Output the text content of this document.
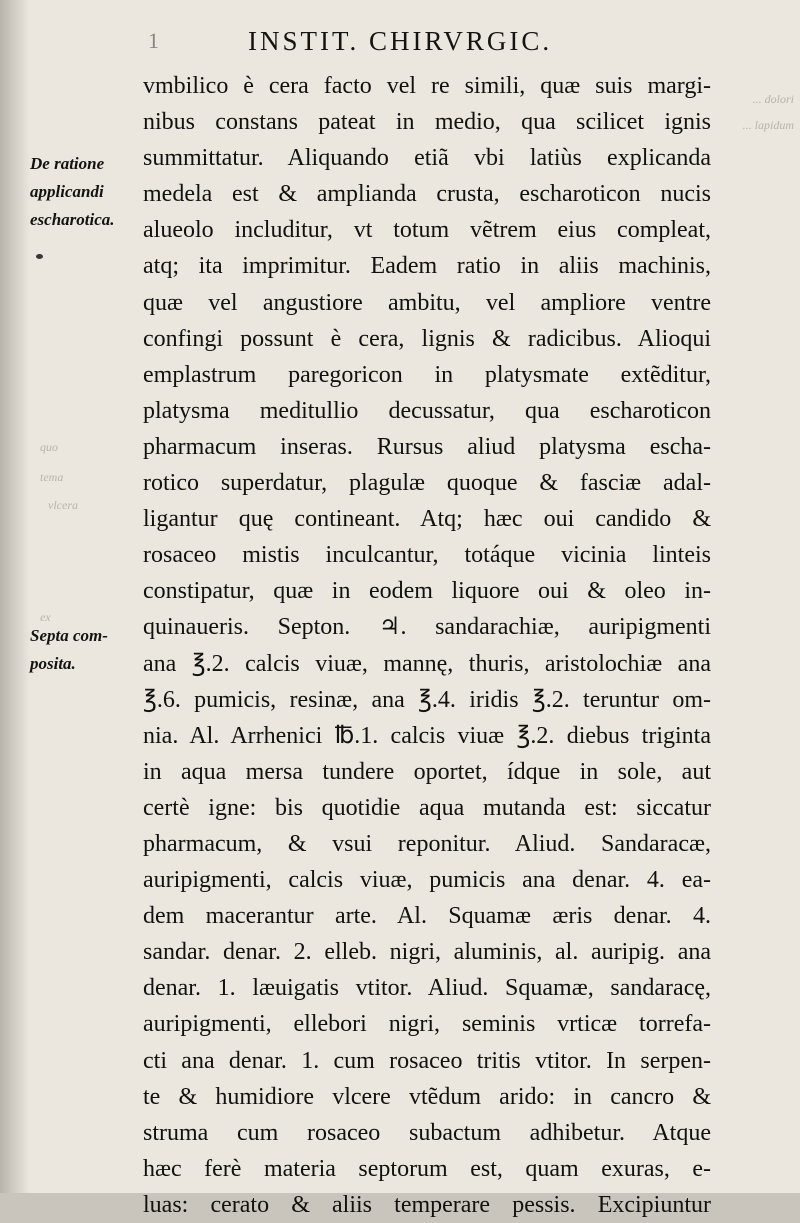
quo
tema
vlcera
ex
... dolori
... lapidum
1	INSTIT. CHIRVRGIC.
De ratione
applicandi
escharotica.
Septa com-
posita.
vmbilico è cera facto vel re simili, quæ suis margi-
nibus constans pateat in medio, qua scilicet ignis
summittatur. Aliquando etiã vbi latiùs explicanda
medela est & amplianda crusta, escharoticon nucis
alueolo includitur, vt totum vẽtrem eius compleat,
atq; ita imprimitur. Eadem ratio in aliis machinis,
quæ vel angustiore ambitu, vel ampliore ventre
confingi possunt è cera, lignis & radicibus. Alioqui
emplastrum paregoricon in platysmate extẽditur,
platysma meditullio decussatur, qua escharoticon
pharmacum inseras. Rursus aliud platysma escha-
rotico superdatur, plagulæ quoque & fasciæ adal-
ligantur quę contineant. Atq; hæc oui candido &
rosaceo mistis inculcantur, totáque vicinia linteis
constipatur, quæ in eodem liquore oui & oleo in-
quinaueris. Septon. ♃. sandarachiæ, auripigmenti
ana ℥.2. calcis viuæ, mannę, thuris, aristolochiæ ana
℥.6. pumicis, resinæ, ana ℥.4. iridis ℥.2. teruntur om-
nia. Al. Arrhenici ℔.1. calcis viuæ ℥.2. diebus triginta
in aqua mersa tundere oportet, ídque in sole, aut
certè igne: bis quotidie aqua mutanda est: siccatur
pharmacum, & vsui reponitur. Aliud. Sandaracæ,
auripigmenti, calcis viuæ, pumicis ana denar. 4. ea-
dem macerantur arte. Al. Squamæ æris denar. 4.
sandar. denar. 2. elleb. nigri, aluminis, al. auripig. ana
denar. 1. læuigatis vtitor. Aliud. Squamæ, sandaracę,
auripigmenti, ellebori nigri, seminis vrticæ torrefa-
cti ana denar. 1. cum rosaceo tritis vtitor. In serpen-
te & humidiore vlcere vtẽdum arido: in cancro &
struma cum rosaceo subactum adhibetur. Atque
hæc ferè materia septorum est, quam exuras, e-
luas: cerato & aliis temperare pessis. Excipiuntur
